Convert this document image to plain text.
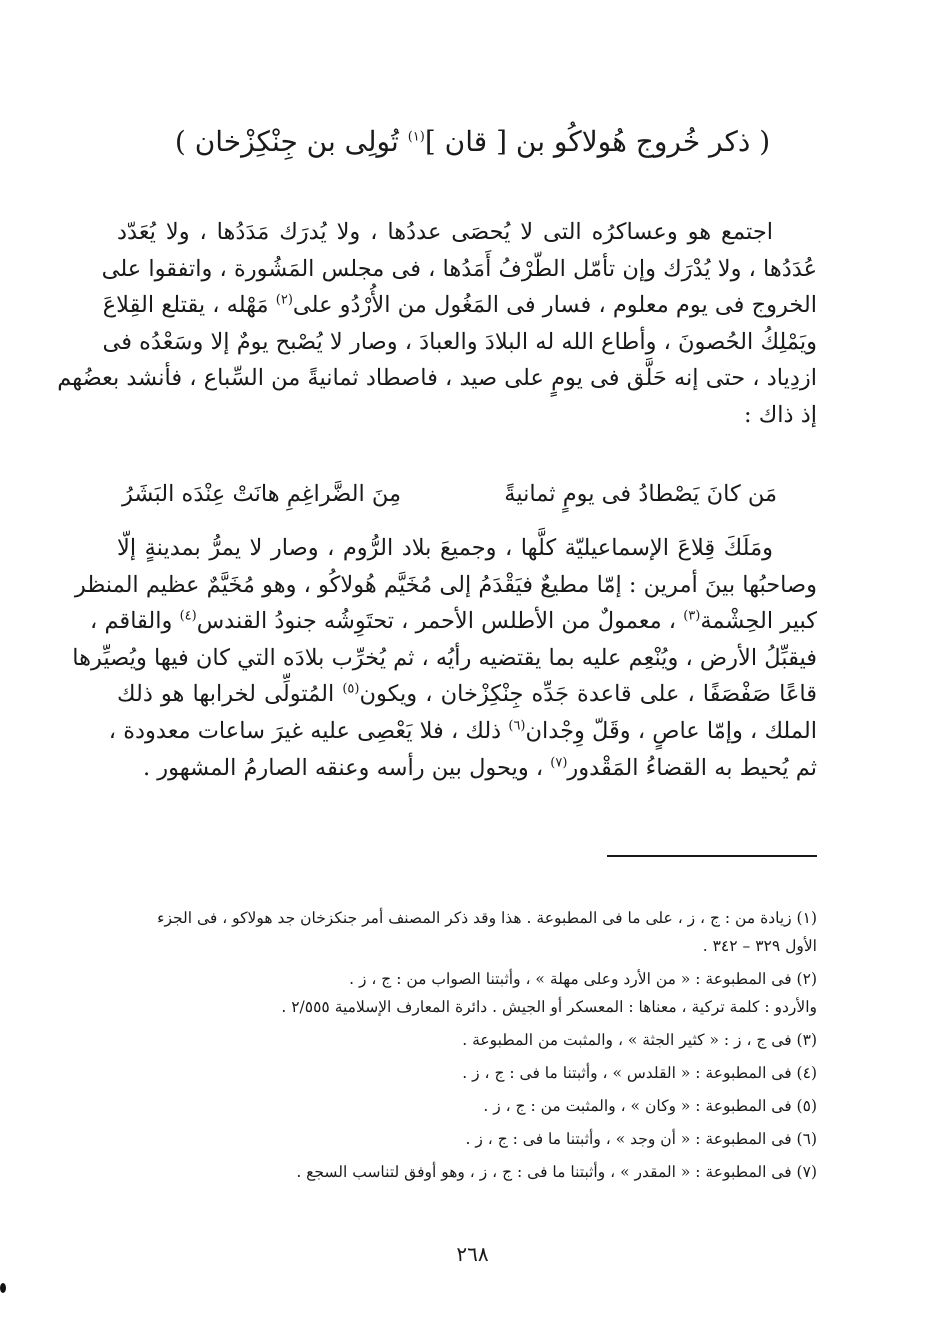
( ذكر خُروج هُولاكُو بن [ قان ]$^{(١)}$ تُولِى بن جِنْكِزْخان )
اجتمع هو وعساكرُه التى لا يُحصَى عددُها ، ولا يُدرَك مَدَدُها ، ولا يُعَدّد
عُدَدُها ، ولا يُدْرَك وإن تأمّل الطّرْفُ أَمَدُها ، فى مجلس المَشُورة ، واتفقوا على
الخروج فى يوم معلوم ، فسار فى المَغُول من الأُرْدُو على$^{(٢)}$ مَهْله ، يقتلع القِلاعَ
ويَمْلِكُ الحُصونَ ، وأطاع الله له البلادَ والعبادَ ، وصار لا يُصْبح يومٌ إلا وسَعْدُه فى
ازدِياد ، حتى إنه حَلَّق فى يومٍ على صيد ، فاصطاد ثمانيةً من السِّباع ، فأنشد بعضُهم
إذ ذاك :
مَن كانَ يَصْطادُ فى يومٍ ثمانيةً
مِنَ الضَّراغِمِ هانَتْ عِنْدَه البَشَرُ
ومَلَكَ قِلاعَ الإسماعيليّة كلَّها ، وجميعَ بلاد الرُّوم ، وصار لا يمرُّ بمدينةٍ إلّا
وصاحبُها بينَ أمرين : إمّا مطيعٌ فيَقْدَمُ إلى مُخَيَّم هُولاكُو ، وهو مُخَيَّمٌ عظيم المنظر
كبير الحِشْمة$^{(٣)}$ ، معمولٌ من الأطلس الأحمر ، تحتَوِشُه جنودُ القندس$^{(٤)}$ والقاقم ،
فيقبِّلُ الأرض ، ويُنْعِم عليه بما يقتضيه رأيُه ، ثم يُخرِّب بلادَه التي كان فيها ويُصيِّرها
قاعًا صَفْصَفًا ، على قاعدة جَدِّه جِنْكِزْخان ، ويكون$^{(٥)}$ المُتولِّى لخرابها هو ذلك
الملك ، وإمّا عاصٍ ، وقَلّ وِجْدان$^{(٦)}$ ذلك ، فلا يَعْصِى عليه غيرَ ساعات معدودة ،
ثم يُحيط به القضاءُ المَقْدور$^{(٧)}$ ، ويحول بين رأسه وعنقه الصارمُ المشهور .
(١) زيادة من : ج ، ز ، على ما فى المطبوعة . هذا وقد ذكر المصنف أمر جنكزخان جد هولاكو ، فى الجزء
الأول ٣٢٩ – ٣٤٢ .
(٢) فى المطبوعة : « من الأرد وعلى مهلة » ، وأثبتنا الصواب من : ج ، ز .
والأردو : كلمة تركية ، معناها : المعسكر أو الجيش . دائرة المعارف الإسلامية ٢/٥٥٥ .
(٣) فى ج ، ز : « كثير الجثة » ، والمثبت من المطبوعة .
(٤) فى المطبوعة : « القلدس » ، وأثبتنا ما فى : ج ، ز .
(٥) فى المطبوعة : « وكان » ، والمثبت من : ج ، ز .
(٦) فى المطبوعة : « أن وجد » ، وأثبتنا ما فى : ج ، ز .
(٧) فى المطبوعة : « المقدر » ، وأثبتنا ما فى : ج ، ز ، وهو أوفق لتناسب السجع .
٢٦٨
